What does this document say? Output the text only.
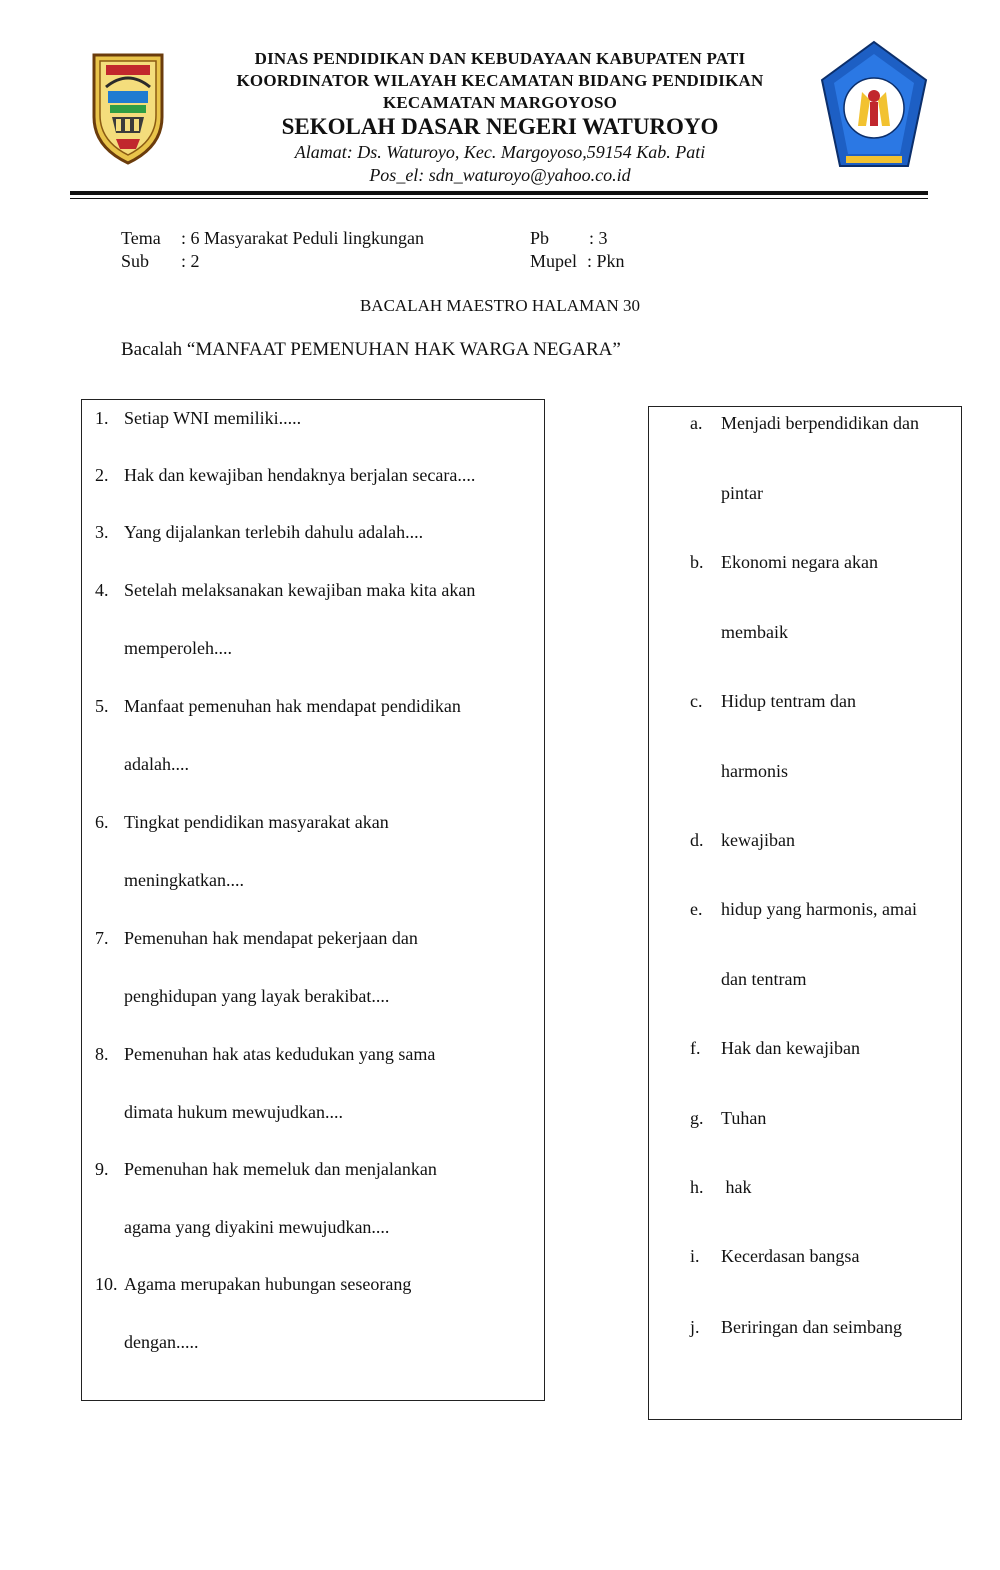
DINAS PENDIDIKAN DAN KEBUDAYAAN KABUPATEN PATI
KOORDINATOR WILAYAH KECAMATAN BIDANG PENDIDIKAN
KECAMATAN MARGOYOSO
SEKOLAH DASAR NEGERI WATUROYO
Alamat: Ds. Waturoyo, Kec. Margoyoso,59154 Kab. Pati
Pos_el: sdn_waturoyo@yahoo.co.id
Tema : 6 Masyarakat Peduli lingkungan
Sub : 2
Pb : 3
Mupel : Pkn
BACALAH MAESTRO HALAMAN 30
Bacalah “MANFAAT PEMENUHAN HAK WARGA NEGARA”
1. Setiap WNI memiliki.....
2. Hak dan kewajiban hendaknya berjalan secara....
3. Yang dijalankan terlebih dahulu adalah....
4. Setelah melaksanakan kewajiban maka kita akan
memperoleh....
5. Manfaat pemenuhan hak mendapat pendidikan
adalah....
6. Tingkat pendidikan masyarakat akan
meningkatkan....
7. Pemenuhan hak mendapat pekerjaan dan
penghidupan yang layak berakibat....
8. Pemenuhan hak atas kedudukan yang sama
dimata hukum mewujudkan....
9. Pemenuhan hak memeluk dan menjalankan
agama yang diyakini mewujudkan....
10. Agama merupakan hubungan seseorang
dengan.....
a. Menjadi berpendidikan dan
pintar
b. Ekonomi negara akan
membaik
c. Hidup tentram dan
harmonis
d. kewajiban
e. hidup yang harmonis, amai
dan tentram
f. Hak dan kewajiban
g. Tuhan
h. hak
i. Kecerdasan bangsa
j. Beriringan dan seimbang
